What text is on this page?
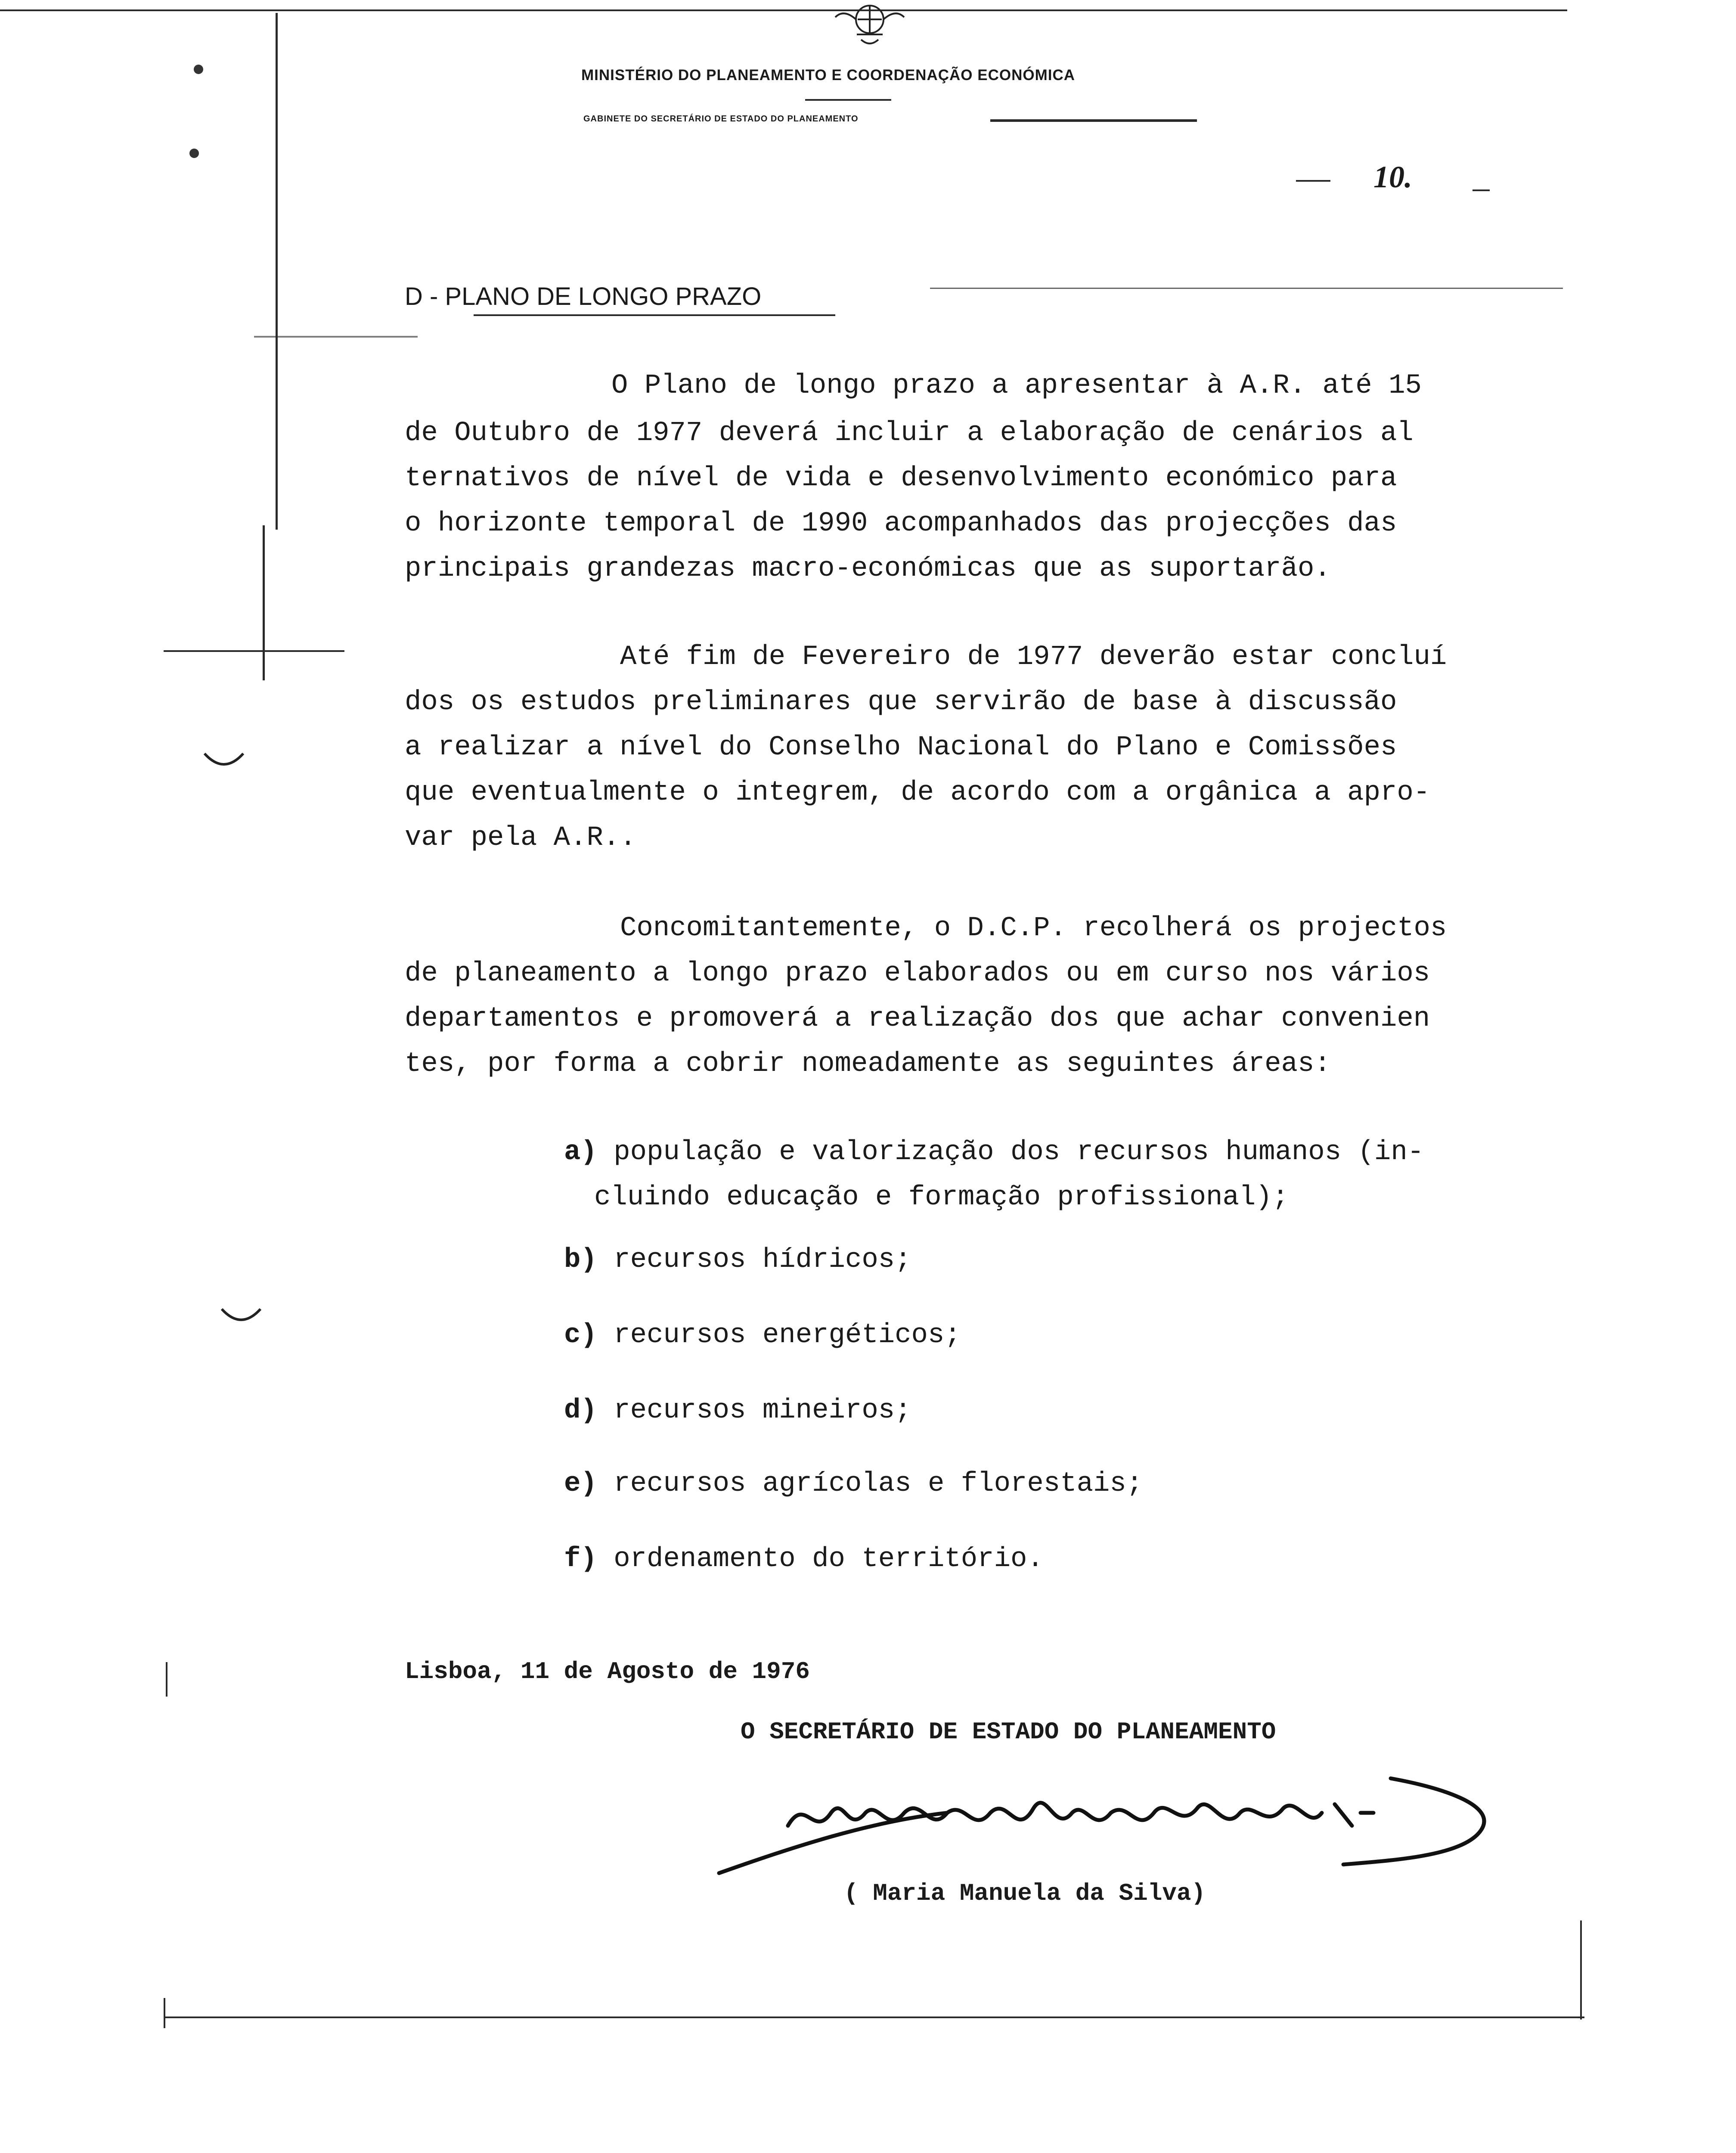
MINISTÉRIO DO PLANEAMENTO E COORDENAÇÃO ECONÓMICA
GABINETE DO SECRETÁRIO DE ESTADO DO PLANEAMENTO
10.
D - PLANO DE LONGO PRAZO
O Plano de longo prazo a apresentar à A.R. até 15
de Outubro de 1977 deverá incluir a elaboração de cenários al
ternativos de nível de vida e desenvolvimento económico para
o horizonte temporal de 1990 acompanhados das projecções das
principais grandezas macro-económicas que as suportarão.
Até fim de Fevereiro de 1977 deverão estar concluí
dos os estudos preliminares que servirão de base à discussão
a realizar a nível do Conselho Nacional do Plano e Comissões
que eventualmente o integrem, de acordo com a orgânica a apro-
var pela A.R..
Concomitantemente, o D.C.P. recolherá os projectos
de planeamento a longo prazo elaborados ou em curso nos vários
departamentos e promoverá a realização dos que achar convenien
tes, por forma a cobrir nomeadamente as seguintes áreas:
a) população e valorização dos recursos humanos (in-
cluindo educação e formação profissional);
b) recursos hídricos;
c) recursos energéticos;
d) recursos mineiros;
e) recursos agrícolas e florestais;
f) ordenamento do território.
Lisboa, 11 de Agosto de 1976
O SECRETÁRIO DE ESTADO DO PLANEAMENTO
( Maria Manuela da Silva)
